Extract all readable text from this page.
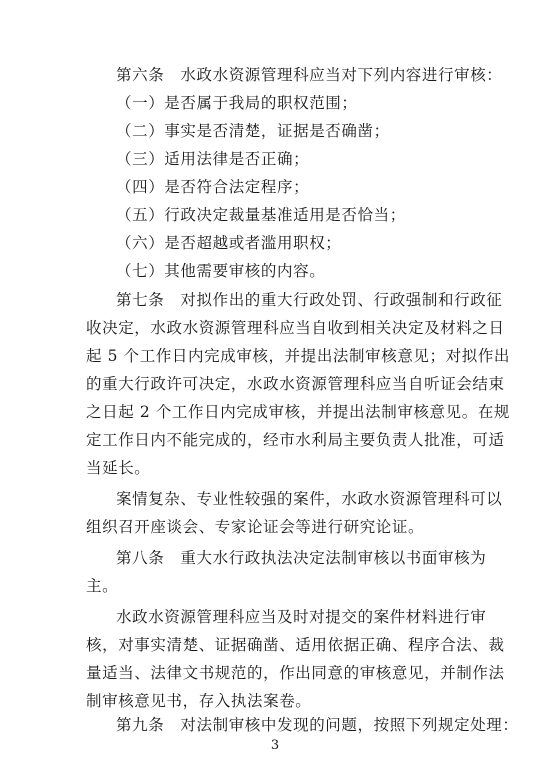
第六条　水政水资源管理科应当对下列内容进行审核：
（一）是否属于我局的职权范围；
（二）事实是否清楚，证据是否确凿；
（三）适用法律是否正确；
（四）是否符合法定程序；
（五）行政决定裁量基准适用是否恰当；
（六）是否超越或者滥用职权；
（七）其他需要审核的内容。
第七条　对拟作出的重大行政处罚、行政强制和行政征
收决定，水政水资源管理科应当自收到相关决定及材料之日
起 5 个工作日内完成审核，并提出法制审核意见；对拟作出
的重大行政许可决定，水政水资源管理科应当自听证会结束
之日起 2 个工作日内完成审核，并提出法制审核意见。在规
定工作日内不能完成的，经市水利局主要负责人批准，可适
当延长。
案情复杂、专业性较强的案件，水政水资源管理科可以
组织召开座谈会、专家论证会等进行研究论证。
第八条　重大水行政执法决定法制审核以书面审核为
主。
水政水资源管理科应当及时对提交的案件材料进行审
核，对事实清楚、证据确凿、适用依据正确、程序合法、裁
量适当、法律文书规范的，作出同意的审核意见，并制作法
制审核意见书，存入执法案卷。
第九条　对法制审核中发现的问题，按照下列规定处理：
3
